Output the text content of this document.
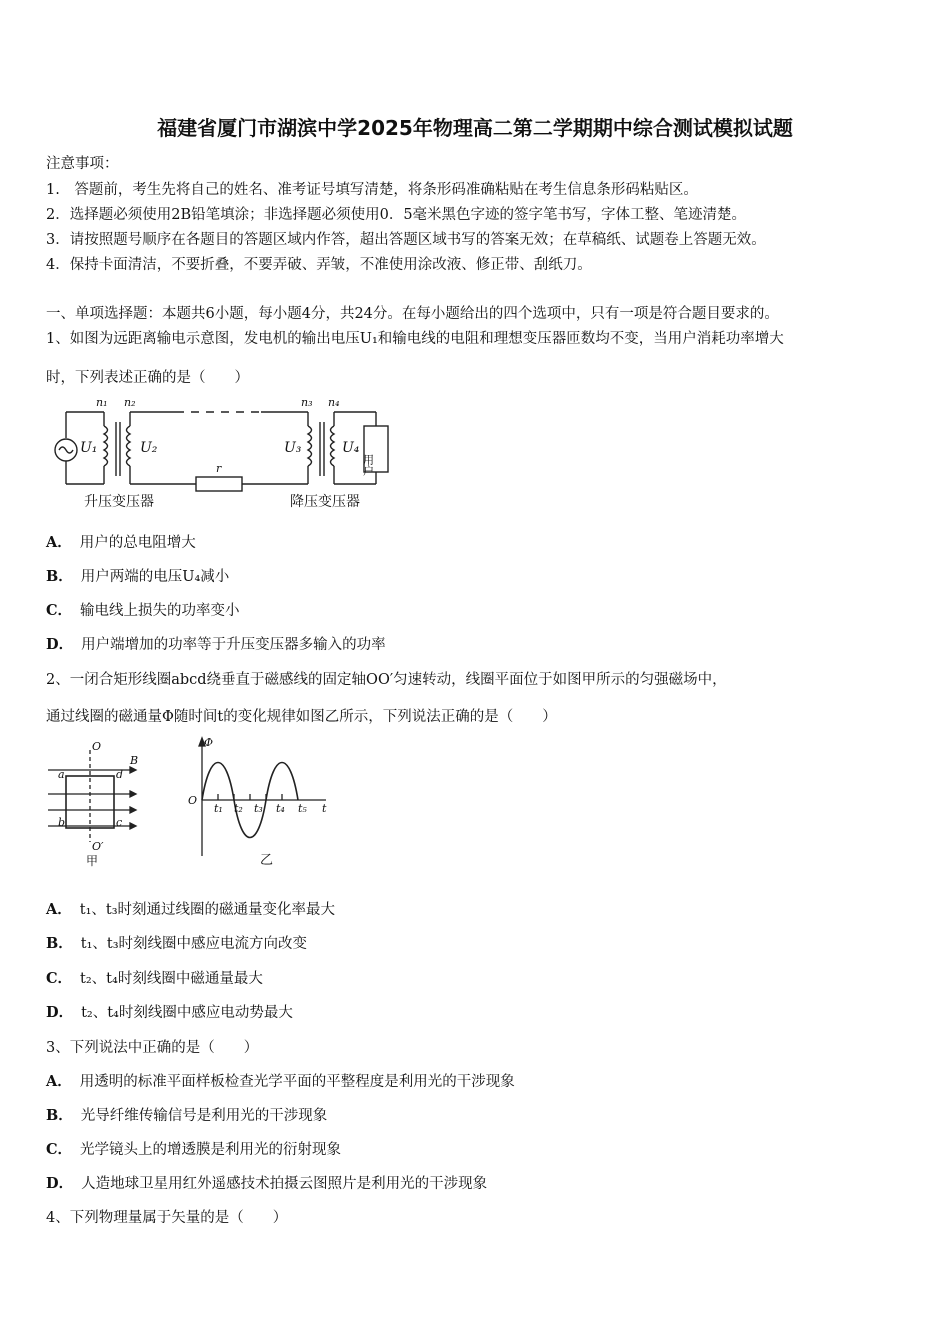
福建省厦门市湖滨中学2025年物理高二第二学期期中综合测试模拟试题
注意事项：
1.　答题前，考生先将自己的姓名、准考证号填写清楚，将条形码准确粘贴在考生信息条形码粘贴区。
2．选择题必须使用2B铅笔填涂；非选择题必须使用0．5毫米黑色字迹的签字笔书写，字体工整、笔迹清楚。
3．请按照题号顺序在各题目的答题区域内作答，超出答题区域书写的答案无效；在草稿纸、试题卷上答题无效。
4．保持卡面清洁，不要折叠，不要弄破、弄皱，不准使用涂改液、修正带、刮纸刀。
一、单项选择题：本题共6小题，每小题4分，共24分。在每小题给出的四个选项中，只有一项是符合题目要求的。
1、如图为远距离输电示意图，发电机的输出电压U₁和输电线的电阻和理想变压器匝数均不变，当用户消耗功率增大
时，下列表述正确的是（　　）
n₁ n₂	n₃ n₄
r
U₁	U₂	U₃	U₄
用户
升压变压器	降压变压器
A． 用户的总电阻增大
B． 用户两端的电压U₄减小
C． 输电线上损失的功率变小
D． 用户端增加的功率等于升压变压器多输入的功率
2、一闭合矩形线圈abcd绕垂直于磁感线的固定轴OO′匀速转动，线圈平面位于如图甲所示的匀强磁场中，
通过线圈的磁通量Φ随时间t的变化规律如图乙所示，下列说法正确的是（　　）
O
a	d
B
b	c
O′
甲
Φ
O
t
t₁ t₂ t₃ t₄ t₅
乙
A． t₁、t₃时刻通过线圈的磁通量变化率最大
B． t₁、t₃时刻线圈中感应电流方向改变
C． t₂、t₄时刻线圈中磁通量最大
D． t₂、t₄时刻线圈中感应电动势最大
3、下列说法中正确的是（　　）
A． 用透明的标准平面样板检查光学平面的平整程度是利用光的干涉现象
B． 光导纤维传输信号是利用光的干涉现象
C． 光学镜头上的增透膜是利用光的衍射现象
D． 人造地球卫星用红外遥感技术拍摄云图照片是利用光的干涉现象
4、下列物理量属于矢量的是（　　）
